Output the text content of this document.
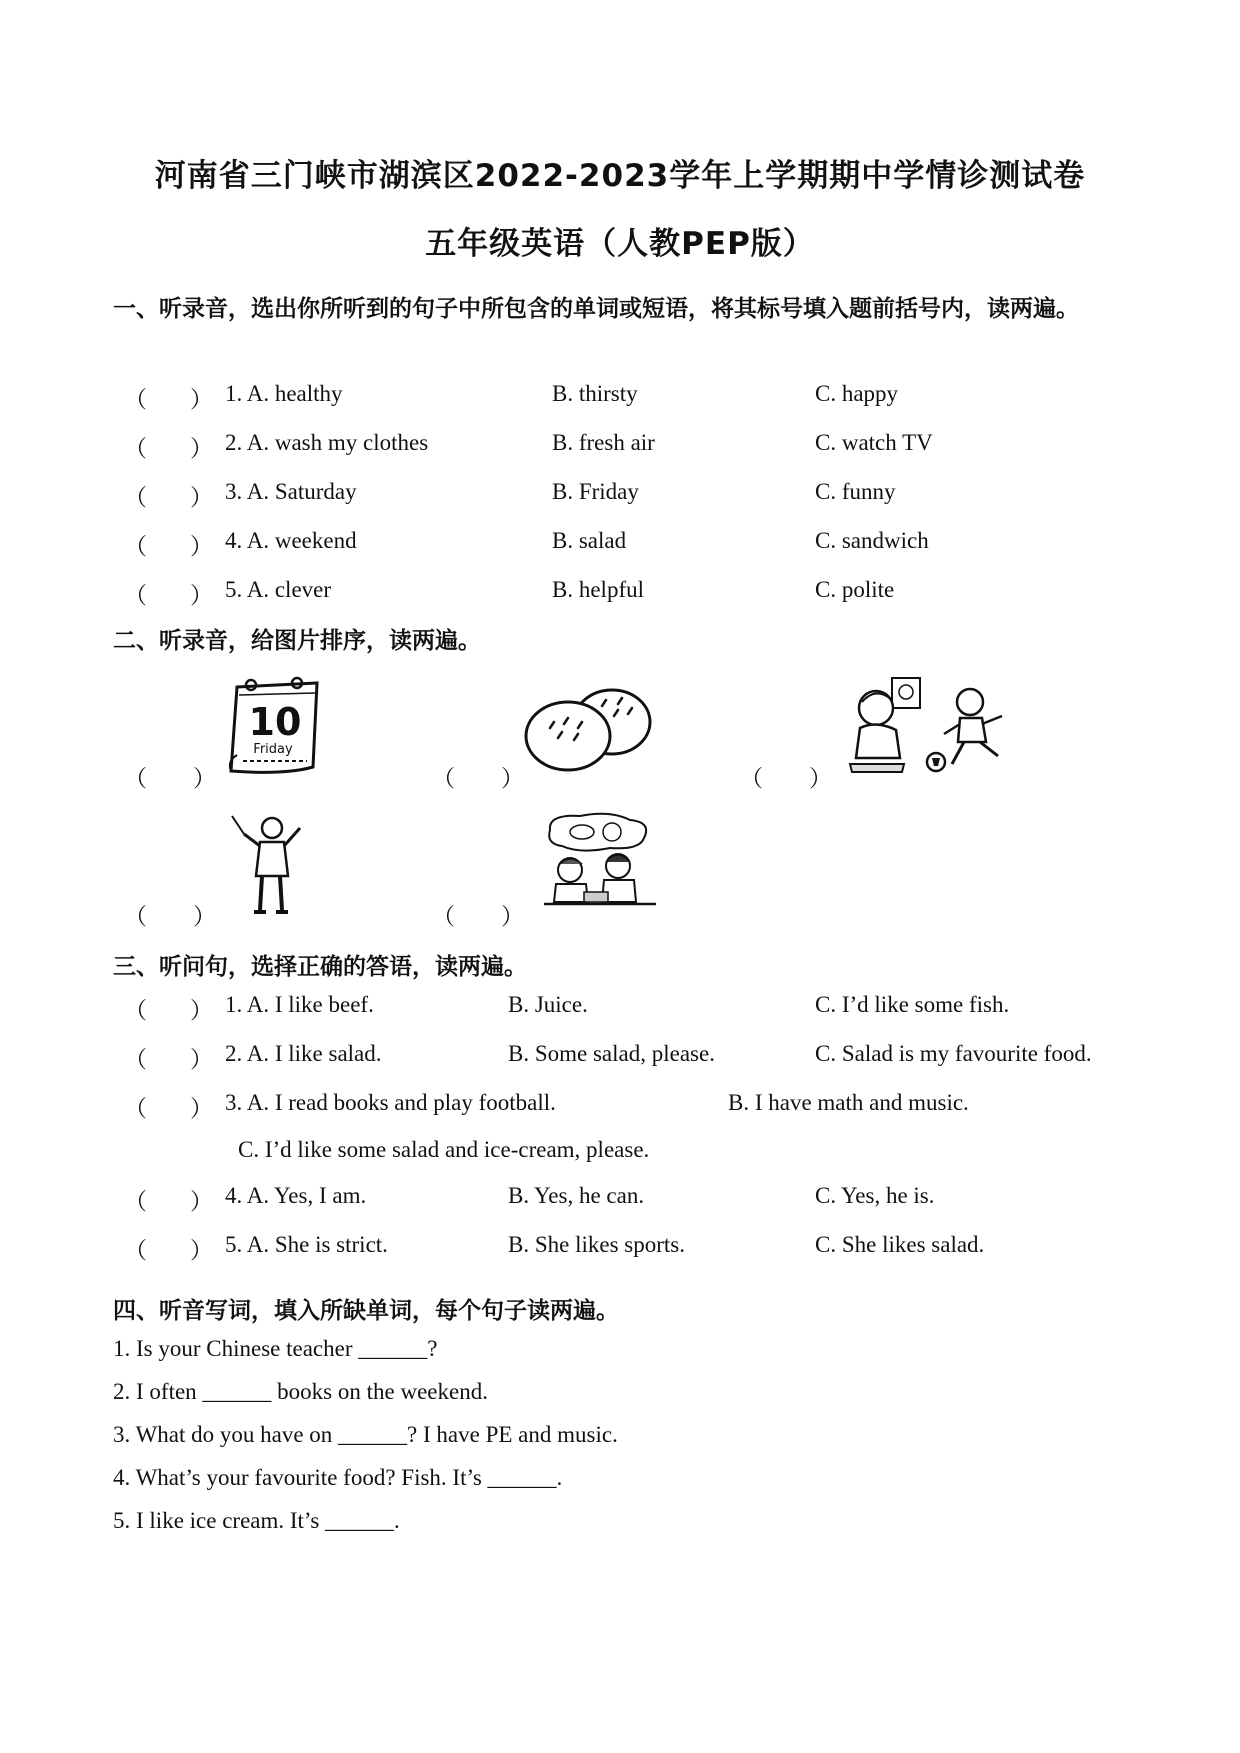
河南省三门峡市湖滨区2022-2023学年上学期期中学情诊测试卷
五年级英语（人教PEP版）
一、听录音，选出你所听到的句子中所包含的单词或短语，将其标号填入题前括号内，读两遍。
（ ） 1. A. healthy	B. thirsty	C. happy
（ ） 2. A. wash my clothes	B. fresh air	C. watch TV
（ ） 3. A. Saturday	B. Friday	C. funny
（ ） 4. A. weekend	B. salad	C. sandwich
（ ） 5. A. clever	B. helpful	C. polite
二、听录音，给图片排序，读两遍。
（　　）
10
Friday
（　　）	（　　）
（　　）	（　　）
三、听问句，选择正确的答语，读两遍。
（ ） 1. A. I like beef.	B. Juice.	C. I’d like some fish.
（ ） 2. A. I like salad.	B. Some salad, please.	C. Salad is my favourite food.
（ ） 3. A. I read books and play football.	B. I have math and music.
C. I’d like some salad and ice-cream, please.
（ ） 4. A. Yes, I am.	B. Yes, he can.	C. Yes, he is.
（ ） 5. A. She is strict.	B. She likes sports.	C. She likes salad.
四、听音写词，填入所缺单词，每个句子读两遍。
1. Is your Chinese teacher ______?
2. I often ______ books on the weekend.
3. What do you have on ______? I have PE and music.
4. What’s your favourite food? Fish. It’s ______.
5. I like ice cream. It’s ______.
